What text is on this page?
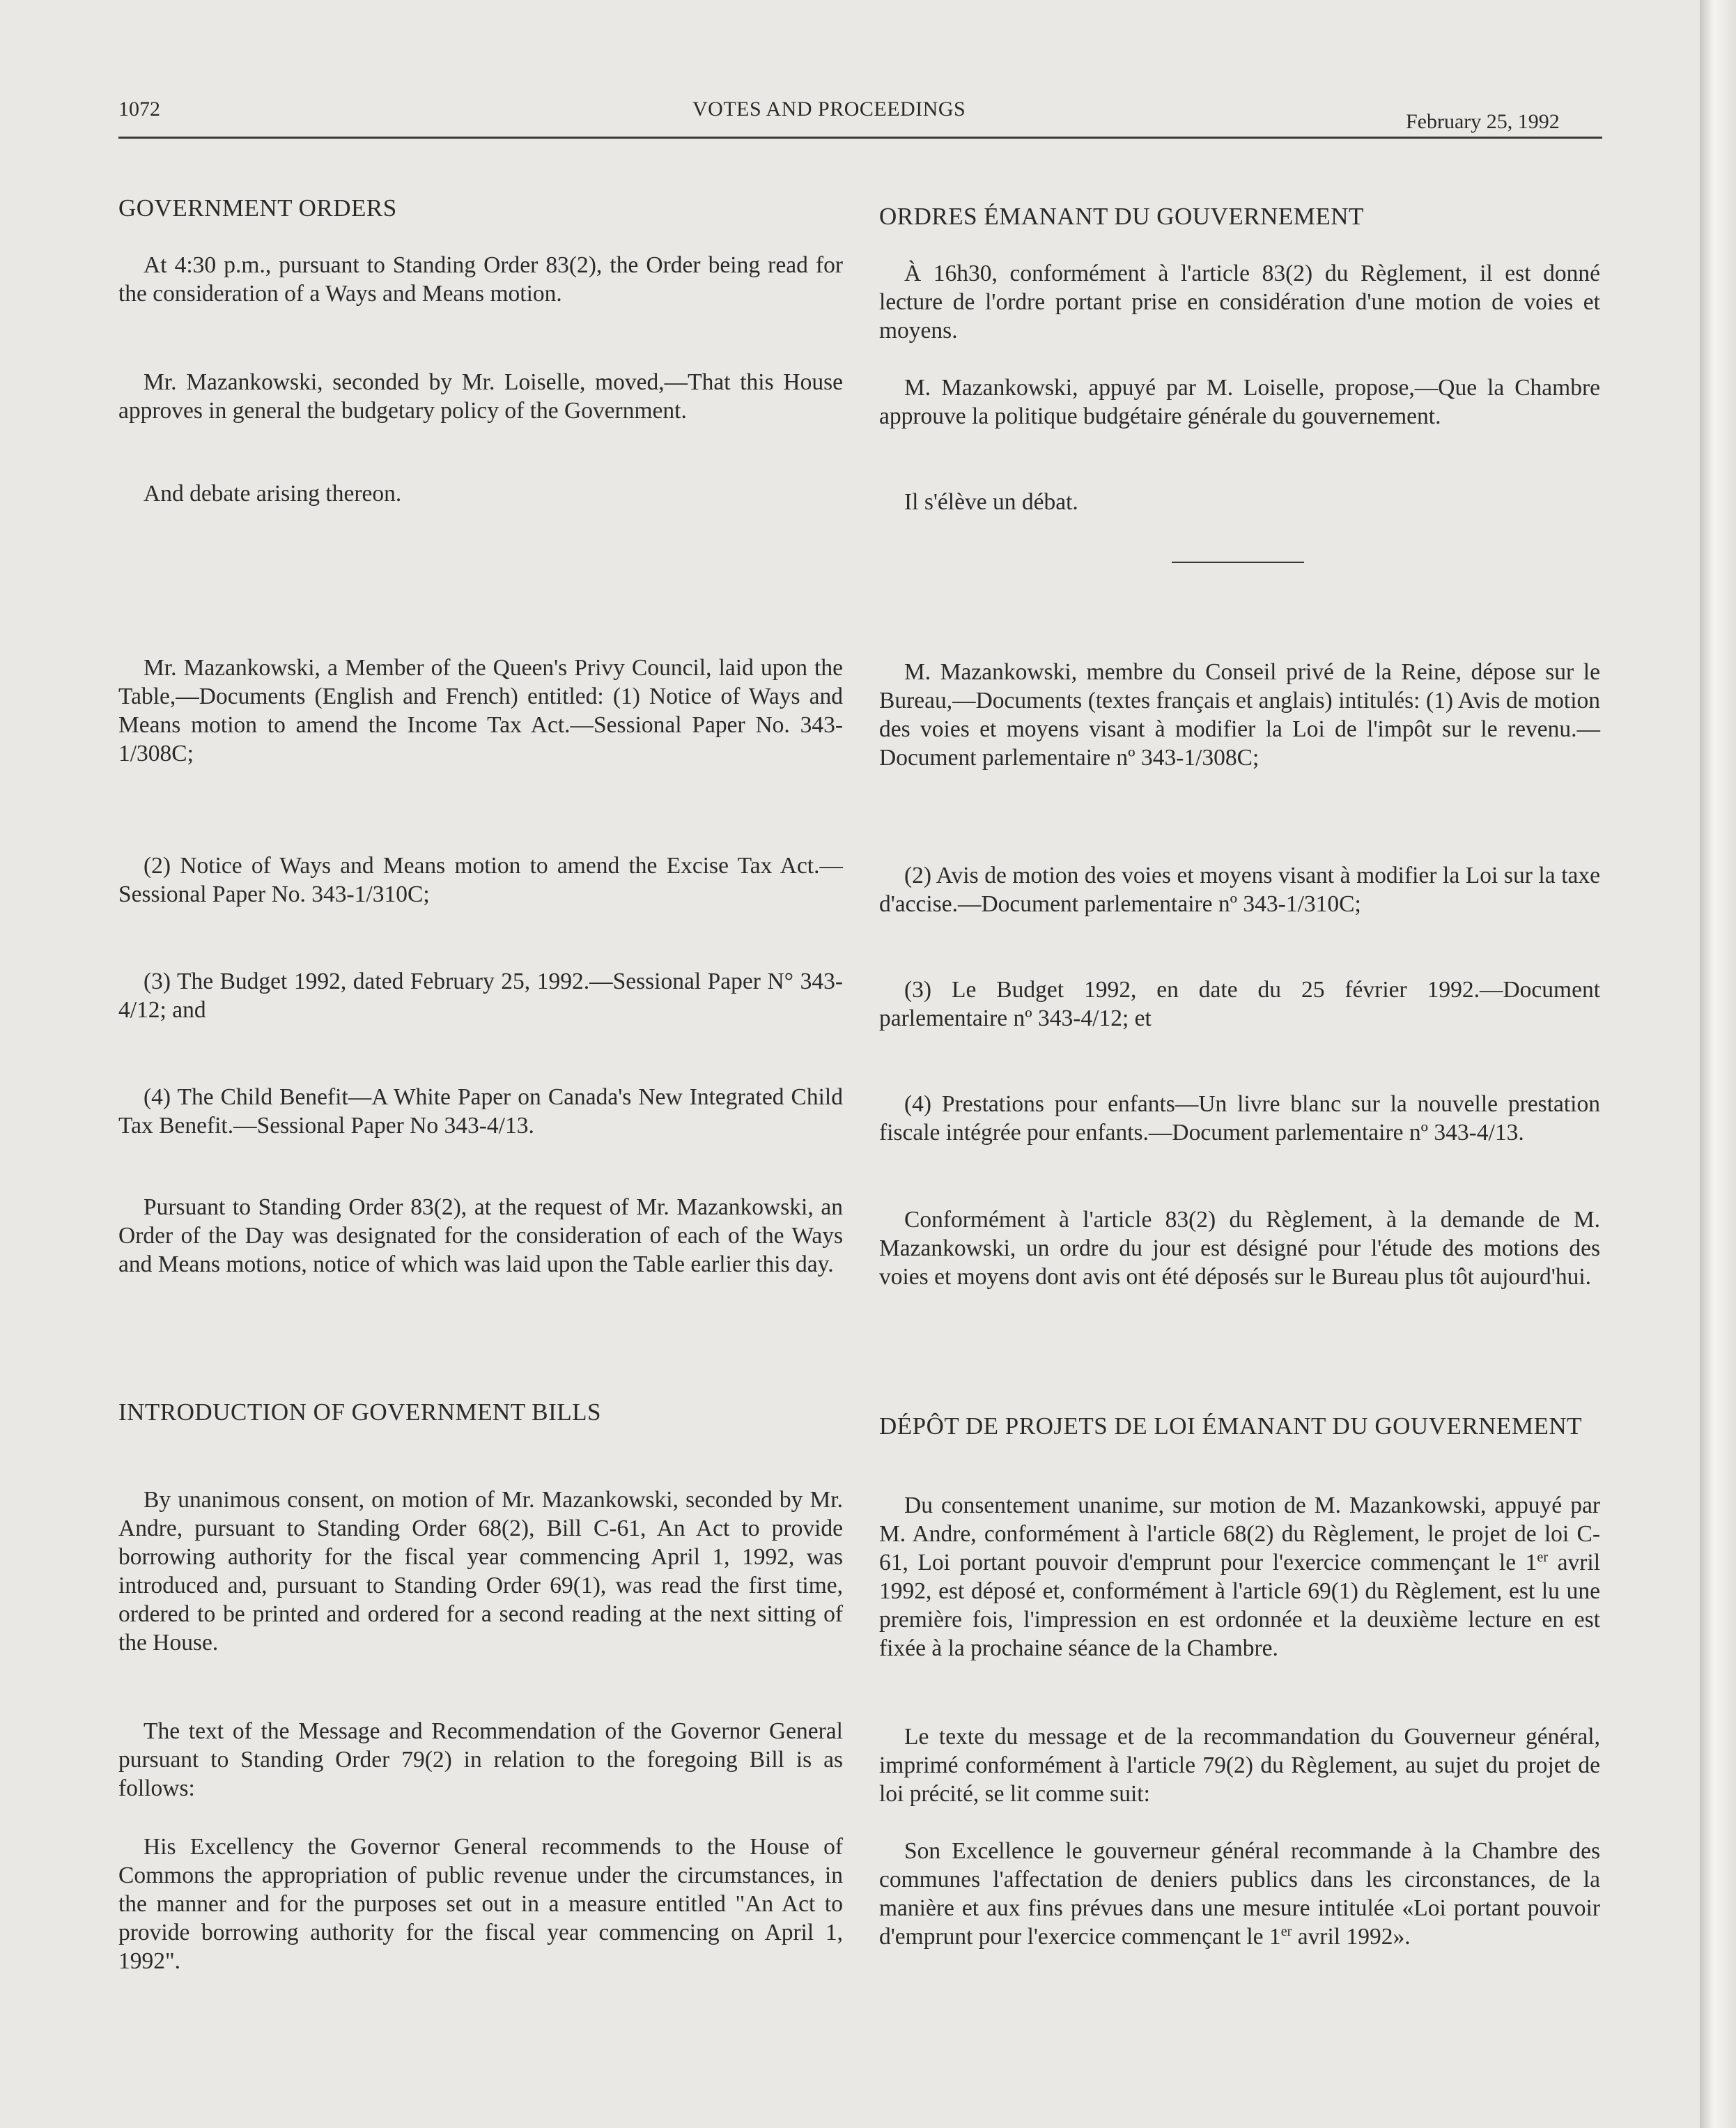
1072	VOTES AND PROCEEDINGS
February 25, 1992
GOVERNMENT ORDERS

At 4:30 p.m., pursuant to Standing Order 83(2), the Order being read for the consideration of a Ways and Means motion.

Mr. Mazankowski, seconded by Mr. Loiselle, moved,—That this House approves in general the budgetary policy of the Government.

And debate arising thereon.

Mr. Mazankowski, a Member of the Queen's Privy Council, laid upon the Table,—Documents (English and French) entitled: (1) Notice of Ways and Means motion to amend the Income Tax Act.—Sessional Paper No. 343-1/308C;

(2) Notice of Ways and Means motion to amend the Excise Tax Act.—Sessional Paper No. 343-1/310C;

(3) The Budget 1992, dated February 25, 1992.—Sessional Paper N° 343-4/12; and

(4) The Child Benefit—A White Paper on Canada's New Integrated Child Tax Benefit.—Sessional Paper No 343-4/13.

Pursuant to Standing Order 83(2), at the request of Mr. Mazankowski, an Order of the Day was designated for the consideration of each of the Ways and Means motions, notice of which was laid upon the Table earlier this day.

INTRODUCTION OF GOVERNMENT BILLS

By unanimous consent, on motion of Mr. Mazankowski, seconded by Mr. Andre, pursuant to Standing Order 68(2), Bill C-61, An Act to provide borrowing authority for the fiscal year commencing April 1, 1992, was introduced and, pursuant to Standing Order 69(1), was read the first time, ordered to be printed and ordered for a second reading at the next sitting of the House.

The text of the Message and Recommendation of the Governor General pursuant to Standing Order 79(2) in relation to the foregoing Bill is as follows:

His Excellency the Governor General recommends to the House of Commons the appropriation of public revenue under the circumstances, in the manner and for the purposes set out in a measure entitled "An Act to provide borrowing authority for the fiscal year commencing on April 1, 1992".

ORDRES ÉMANANT DU GOUVERNEMENT

À 16h30, conformément à l'article 83(2) du Règlement, il est donné lecture de l'ordre portant prise en considération d'une motion de voies et moyens.

M. Mazankowski, appuyé par M. Loiselle, propose,—Que la Chambre approuve la politique budgétaire générale du gouvernement.

Il s'élève un débat.

M. Mazankowski, membre du Conseil privé de la Reine, dépose sur le Bureau,—Documents (textes français et anglais) intitulés: (1) Avis de motion des voies et moyens visant à modifier la Loi de l'impôt sur le revenu.—Document parlementaire nº 343-1/308C;

(2) Avis de motion des voies et moyens visant à modifier la Loi sur la taxe d'accise.—Document parlementaire nº 343-1/310C;

(3) Le Budget 1992, en date du 25 février 1992.—Document parlementaire nº 343-4/12; et

(4) Prestations pour enfants—Un livre blanc sur la nouvelle prestation fiscale intégrée pour enfants.—Document parlementaire nº 343-4/13.

Conformément à l'article 83(2) du Règlement, à la demande de M. Mazankowski, un ordre du jour est désigné pour l'étude des motions des voies et moyens dont avis ont été déposés sur le Bureau plus tôt aujourd'hui.

DÉPÔT DE PROJETS DE LOI ÉMANANT DU GOUVERNEMENT

Du consentement unanime, sur motion de M. Mazankowski, appuyé par M. Andre, conformément à l'article 68(2) du Règlement, le projet de loi C-61, Loi portant pouvoir d'emprunt pour l'exercice commençant le 1er avril 1992, est déposé et, conformément à l'article 69(1) du Règlement, est lu une première fois, l'impression en est ordonnée et la deuxième lecture en est fixée à la prochaine séance de la Chambre.

Le texte du message et de la recommandation du Gouverneur général, imprimé conformément à l'article 79(2) du Règlement, au sujet du projet de loi précité, se lit comme suit:

Son Excellence le gouverneur général recommande à la Chambre des communes l'affectation de deniers publics dans les circonstances, de la manière et aux fins prévues dans une mesure intitulée «Loi portant pouvoir d'emprunt pour l'exercice commençant le 1er avril 1992».
